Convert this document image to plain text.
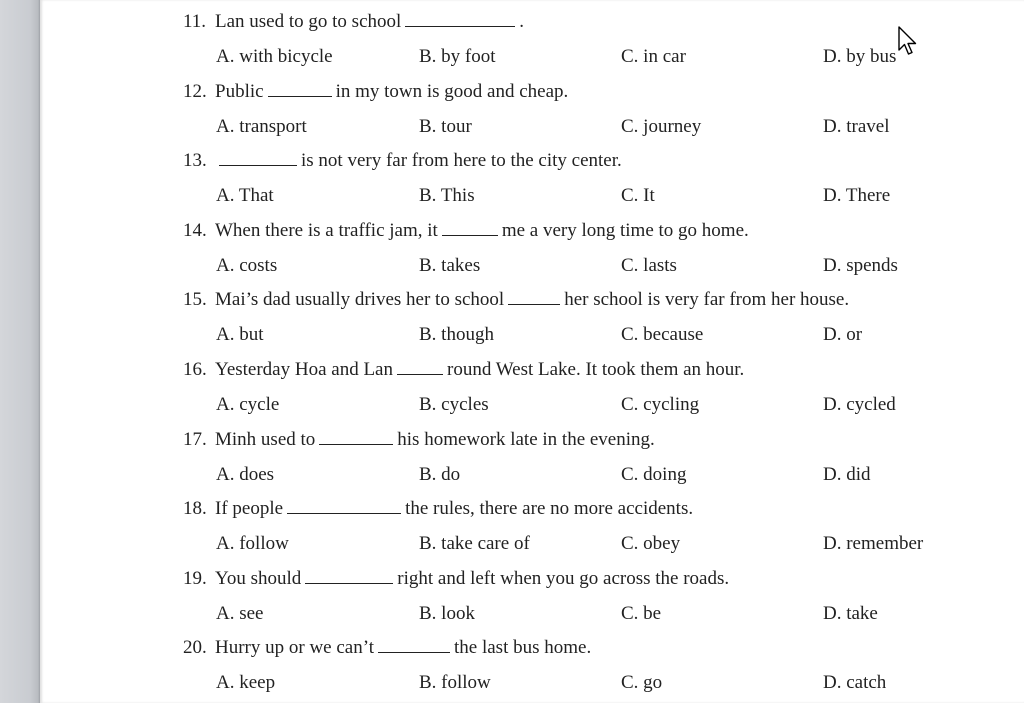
11. Lan used to go to school	.
A. with bicycle	B. by foot	C. in car	D. by bus
12. Public	in my town is good and cheap.
A. transport	B. tour	C. journey	D. travel
13.	is not very far from here to the city center.
A. That	B. This	C. It	D. There
14. When there is a traffic jam, it	me a very long time to go home.
A. costs	B. takes	C. lasts	D. spends
15. Mai’s dad usually drives her to school	her school is very far from her house.
A. but	B. though	C. because	D. or
16. Yesterday Hoa and Lan	round West Lake. It took them an hour.
A. cycle	B. cycles	C. cycling	D. cycled
17. Minh used to	his homework late in the evening.
A. does	B. do	C. doing	D. did
18. If people	the rules, there are no more accidents.
A. follow	B. take care of	C. obey	D. remember
19. You should	right and left when you go across the roads.
A. see	B. look	C. be	D. take
20. Hurry up or we can’t	the last bus home.
A. keep	B. follow	C. go	D. catch
